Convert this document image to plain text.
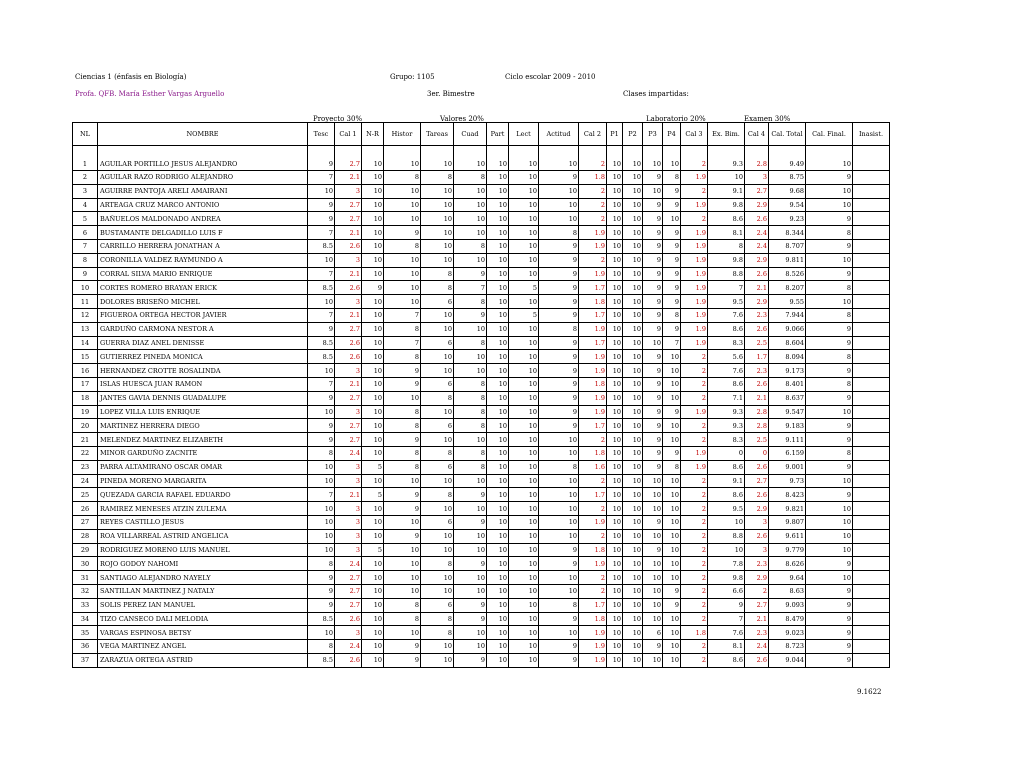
Ciencias 1 (énfasis en Biología)	Grupo: 1105	Ciclo escolar 2009 - 2010
Profa. QFB. María Esther Vargas Arguello	3er. Bimestre	Clases impartidas:
Proyecto 30%	Valores 20%	Laboratorio 20%	Examen 30%
NL	NOMBRE	Tesc	Cal 1	N-R	Histor	Tareas	Cuad	Part	Lect	Actitud	Cal 2	P1	P2	P3	P4	Cal 3	Ex. Bim.	Cal 4	Cal. Total	Cal. Final.	Inasist.
1	AGUILAR PORTILLO JESUS ALEJANDRO	9	2.7	10	10	10	10	10	10	10	2	10	10	10	10	2	9.3	2.8	9.49	10	
2	AGUILAR RAZO RODRIGO ALEJANDRO	7	2.1	10	8	8	8	10	10	9	1.8	10	10	9	8	1.9	10	3	8.75	9	
3	AGUIRRE PANTOJA ARELI AMAIRANI	10	3	10	10	10	10	10	10	10	2	10	10	10	9	2	9.1	2.7	9.68	10	
4	ARTEAGA CRUZ MARCO ANTONIO	9	2.7	10	10	10	10	10	10	10	2	10	10	9	9	1.9	9.8	2.9	9.54	10	
5	BAÑUELOS MALDONADO ANDREA	9	2.7	10	10	10	10	10	10	10	2	10	10	9	10	2	8.6	2.6	9.23	9	
6	BUSTAMANTE DELGADILLO LUIS F	7	2.1	10	9	10	10	10	10	8	1.9	10	10	9	9	1.9	8.1	2.4	8.344	8	
7	CARRILLO HERRERA JONATHAN A	8.5	2.6	10	8	10	8	10	10	9	1.9	10	10	9	9	1.9	8	2.4	8.707	9	
8	CORONILLA VALDEZ RAYMUNDO A	10	3	10	10	10	10	10	10	9	2	10	10	9	9	1.9	9.8	2.9	9.811	10	
9	CORRAL SILVA MARIO ENRIQUE	7	2.1	10	10	8	9	10	10	9	1.9	10	10	9	9	1.9	8.8	2.6	8.526	9	
10	CORTES ROMERO BRAYAN ERICK	8.5	2.6	9	10	8	7	10	5	9	1.7	10	10	9	9	1.9	7	2.1	8.207	8	
11	DOLORES BRISEÑO MICHEL	10	3	10	10	6	8	10	10	9	1.8	10	10	9	9	1.9	9.5	2.9	9.55	10	
12	FIGUEROA ORTEGA HECTOR JAVIER	7	2.1	10	7	10	9	10	5	9	1.7	10	10	9	8	1.9	7.6	2.3	7.944	8	
13	GARDUÑO CARMONA NESTOR A	9	2.7	10	8	10	10	10	10	8	1.9	10	10	9	9	1.9	8.6	2.6	9.066	9	
14	GUERRA DIAZ ANEL DENISSE	8.5	2.6	10	7	6	8	10	10	9	1.7	10	10	10	7	1.9	8.3	2.5	8.604	9	
15	GUTIERREZ PINEDA MONICA	8.5	2.6	10	8	10	10	10	10	9	1.9	10	10	9	10	2	5.6	1.7	8.094	8	
16	HERNANDEZ CROTTE ROSALINDA	10	3	10	9	10	10	10	10	9	1.9	10	10	9	10	2	7.6	2.3	9.173	9	
17	ISLAS HUESCA JUAN RAMON	7	2.1	10	9	6	8	10	10	9	1.8	10	10	9	10	2	8.6	2.6	8.401	8	
18	JANTES GAVIA DENNIS GUADALUPE	9	2.7	10	10	8	8	10	10	9	1.9	10	10	9	10	2	7.1	2.1	8.637	9	
19	LOPEZ VILLA LUIS ENRIQUE	10	3	10	8	10	8	10	10	9	1.9	10	10	9	9	1.9	9.3	2.8	9.547	10	
20	MARTINEZ HERRERA DIEGO	9	2.7	10	8	6	8	10	10	9	1.7	10	10	9	10	2	9.3	2.8	9.183	9	
21	MELENDEZ MARTINEZ ELIZABETH	9	2.7	10	9	10	10	10	10	10	2	10	10	9	10	2	8.3	2.5	9.111	9	
22	MINOR GARDUÑO ZACNITE	8	2.4	10	8	8	8	10	10	10	1.8	10	10	9	9	1.9	0	0	6.159	8	
23	PARRA ALTAMIRANO OSCAR OMAR	10	3	5	8	6	8	10	10	8	1.6	10	10	9	8	1.9	8.6	2.6	9.001	9	
24	PINEDA MORENO MARGARITA	10	3	10	10	10	10	10	10	10	2	10	10	10	10	2	9.1	2.7	9.73	10	
25	QUEZADA GARCIA RAFAEL EDUARDO	7	2.1	5	9	8	9	10	10	10	1.7	10	10	10	10	2	8.6	2.6	8.423	9	
26	RAMIREZ MENESES ATZIN ZULEMA	10	3	10	9	10	10	10	10	10	2	10	10	10	10	2	9.5	2.9	9.821	10	
27	REYES CASTILLO JESUS	10	3	10	10	6	9	10	10	10	1.9	10	10	9	10	2	10	3	9.807	10	
28	ROA VILLARREAL ASTRID ANGELICA	10	3	10	9	10	10	10	10	10	2	10	10	10	10	2	8.8	2.6	9.611	10	
29	RODRIGUEZ MORENO LUIS MANUEL	10	3	5	10	10	10	10	10	9	1.8	10	10	9	10	2	10	3	9.779	10	
30	ROJO GODOY NAHOMI	8	2.4	10	10	8	9	10	10	9	1.9	10	10	10	10	2	7.8	2.3	8.626	9	
31	SANTIAGO ALEJANDRO NAYELY	9	2.7	10	10	10	10	10	10	10	2	10	10	10	10	2	9.8	2.9	9.64	10	
32	SANTILLAN MARTINEZ J NATALY	9	2.7	10	10	10	10	10	10	10	2	10	10	10	9	2	6.6	2	8.63	9	
33	SOLIS PEREZ IAN MANUEL	9	2.7	10	8	6	9	10	10	8	1.7	10	10	10	9	2	9	2.7	9.093	9	
34	TIZO CANSECO DALI MELODIA	8.5	2.6	10	8	8	9	10	10	9	1.8	10	10	10	10	2	7	2.1	8.479	9	
35	VARGAS ESPINOSA BETSY	10	3	10	10	8	10	10	10	10	1.9	10	10	6	10	1.8	7.6	2.3	9.023	9	
36	VEGA MARTINEZ ANGEL	8	2.4	10	9	10	10	10	10	9	1.9	10	10	9	10	2	8.1	2.4	8.723	9	
37	ZARAZUA ORTEGA ASTRID	8.5	2.6	10	9	10	9	10	10	9	1.9	10	10	10	10	2	8.6	2.6	9.044	9	
9.1622
